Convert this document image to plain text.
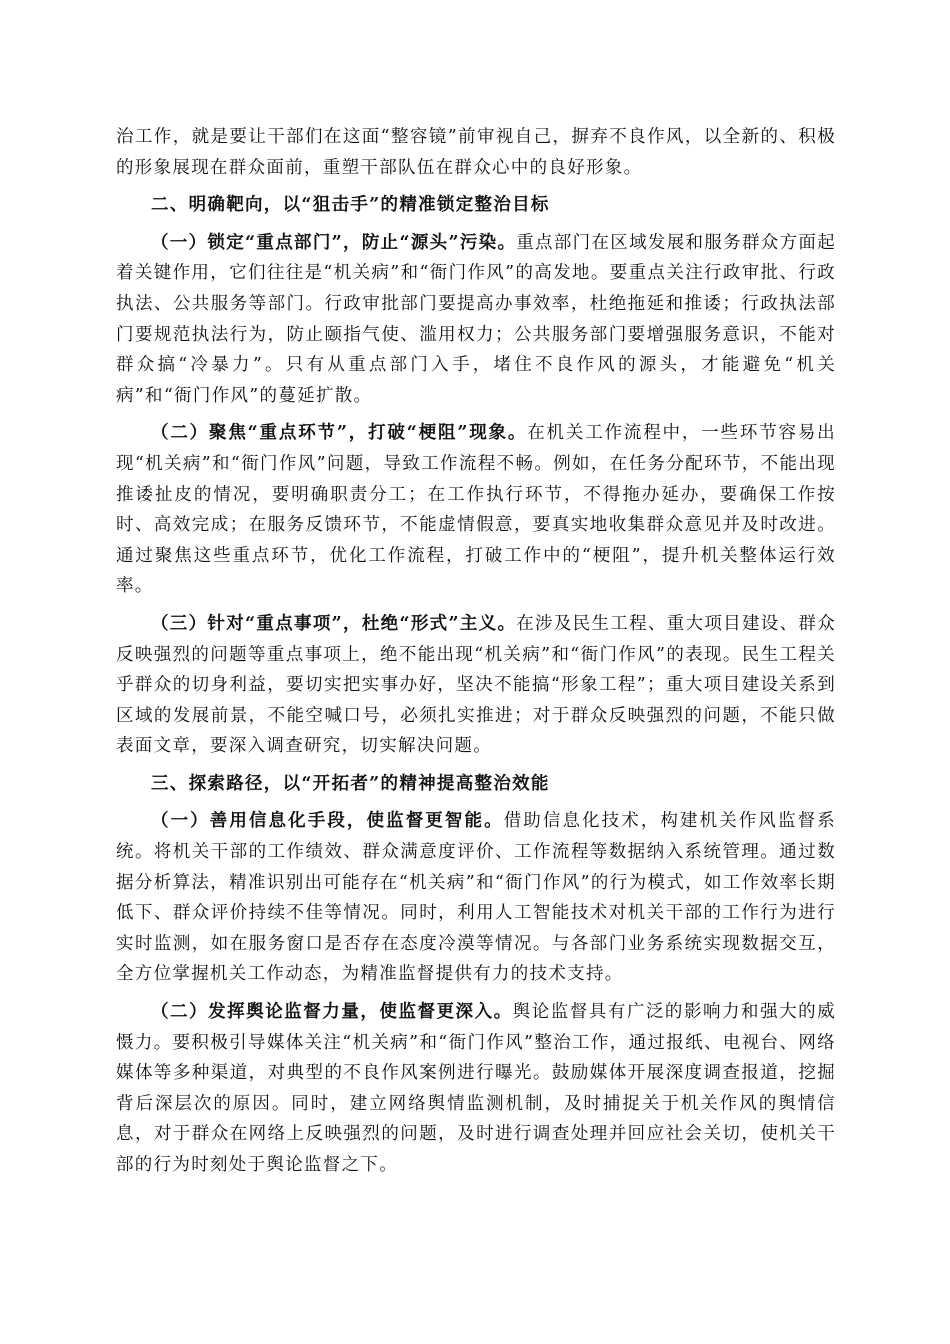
治工作，就是要让干部们在这面“整容镜”前审视自己，摒弃不良作风，以全新的、积极的形象展现在群众面前，重塑干部队伍在群众心中的良好形象。

二、明确靶向，以“狙击手”的精准锁定整治目标

（一）锁定“重点部门”，防止“源头”污染。重点部门在区域发展和服务群众方面起着关键作用，它们往往是“机关病”和“衙门作风”的高发地。要重点关注行政审批、行政执法、公共服务等部门。行政审批部门要提高办事效率，杜绝拖延和推诿；行政执法部门要规范执法行为，防止颐指气使、滥用权力；公共服务部门要增强服务意识，不能对群众搞“冷暴力”。只有从重点部门入手，堵住不良作风的源头，才能避免“机关病”和“衙门作风”的蔓延扩散。

（二）聚焦“重点环节”，打破“梗阻”现象。在机关工作流程中，一些环节容易出现“机关病”和“衙门作风”问题，导致工作流程不畅。例如，在任务分配环节，不能出现推诿扯皮的情况，要明确职责分工；在工作执行环节，不得拖办延办，要确保工作按时、高效完成；在服务反馈环节，不能虚情假意，要真实地收集群众意见并及时改进。通过聚焦这些重点环节，优化工作流程，打破工作中的“梗阻”，提升机关整体运行效率。

（三）针对“重点事项”，杜绝“形式”主义。在涉及民生工程、重大项目建设、群众反映强烈的问题等重点事项上，绝不能出现“机关病”和“衙门作风”的表现。民生工程关乎群众的切身利益，要切实把实事办好，坚决不能搞“形象工程”；重大项目建设关系到区域的发展前景，不能空喊口号，必须扎实推进；对于群众反映强烈的问题，不能只做表面文章，要深入调查研究，切实解决问题。

三、探索路径，以“开拓者”的精神提高整治效能

（一）善用信息化手段，使监督更智能。借助信息化技术，构建机关作风监督系统。将机关干部的工作绩效、群众满意度评价、工作流程等数据纳入系统管理。通过数据分析算法，精准识别出可能存在“机关病”和“衙门作风”的行为模式，如工作效率长期低下、群众评价持续不佳等情况。同时，利用人工智能技术对机关干部的工作行为进行实时监测，如在服务窗口是否存在态度冷漠等情况。与各部门业务系统实现数据交互，全方位掌握机关工作动态，为精准监督提供有力的技术支持。

（二）发挥舆论监督力量，使监督更深入。舆论监督具有广泛的影响力和强大的威慑力。要积极引导媒体关注“机关病”和“衙门作风”整治工作，通过报纸、电视台、网络媒体等多种渠道，对典型的不良作风案例进行曝光。鼓励媒体开展深度调查报道，挖掘背后深层次的原因。同时，建立网络舆情监测机制，及时捕捉关于机关作风的舆情信息，对于群众在网络上反映强烈的问题，及时进行调查处理并回应社会关切，使机关干部的行为时刻处于舆论监督之下。
